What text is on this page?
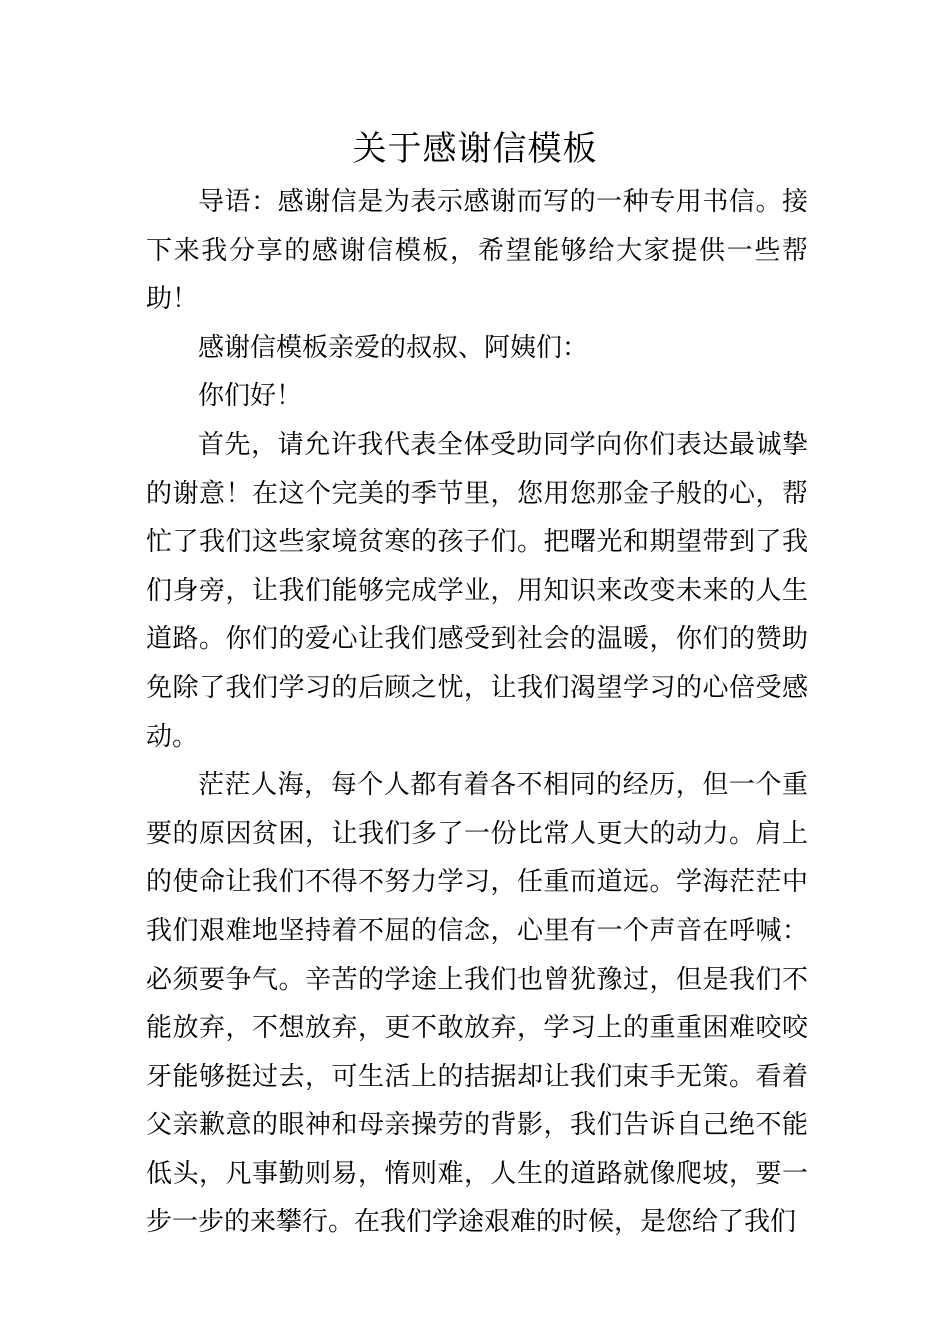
关于感谢信模板

导语：感谢信是为表示感谢而写的一种专用书信。接下来我分享的感谢信模板，希望能够给大家提供一些帮助！

感谢信模板亲爱的叔叔、阿姨们：

你们好！

首先，请允许我代表全体受助同学向你们表达最诚挚的谢意！在这个完美的季节里，您用您那金子般的心，帮忙了我们这些家境贫寒的孩子们。把曙光和期望带到了我们身旁，让我们能够完成学业，用知识来改变未来的人生道路。你们的爱心让我们感受到社会的温暖，你们的赞助免除了我们学习的后顾之忧，让我们渴望学习的心倍受感动。

茫茫人海，每个人都有着各不相同的经历，但一个重要的原因贫困，让我们多了一份比常人更大的动力。肩上的使命让我们不得不努力学习，任重而道远。学海茫茫中我们艰难地坚持着不屈的信念，心里有一个声音在呼喊：必须要争气。辛苦的学途上我们也曾犹豫过，但是我们不能放弃，不想放弃，更不敢放弃，学习上的重重困难咬咬牙能够挺过去，可生活上的拮据却让我们束手无策。看着父亲歉意的眼神和母亲操劳的背影，我们告诉自己绝不能低头，凡事勤则易，惰则难，人生的道路就像爬坡，要一步一步的来攀行。在我们学途艰难的时候，是您给了我们
